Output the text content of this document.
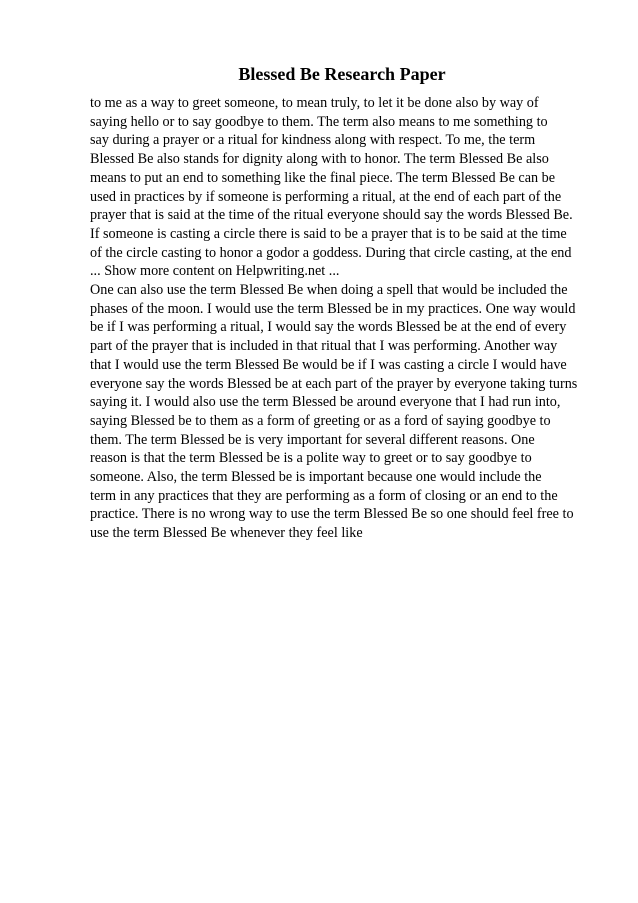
Blessed Be Research Paper
to me as a way to greet someone, to mean truly, to let it be done also by way of
saying hello or to say goodbye to them. The term also means to me something to
say during a prayer or a ritual for kindness along with respect. To me, the term
Blessed Be also stands for dignity along with to honor. The term Blessed Be also
means to put an end to something like the final piece. The term Blessed Be can be
used in practices by if someone is performing a ritual, at the end of each part of the
prayer that is said at the time of the ritual everyone should say the words Blessed Be.
If someone is casting a circle there is said to be a prayer that is to be said at the time
of the circle casting to honor a godor a goddess. During that circle casting, at the end
... Show more content on Helpwriting.net ...
One can also use the term Blessed Be when doing a spell that would be included the
phases of the moon. I would use the term Blessed be in my practices. One way would
be if I was performing a ritual, I would say the words Blessed be at the end of every
part of the prayer that is included in that ritual that I was performing. Another way
that I would use the term Blessed Be would be if I was casting a circle I would have
everyone say the words Blessed be at each part of the prayer by everyone taking turns
saying it. I would also use the term Blessed be around everyone that I had run into,
saying Blessed be to them as a form of greeting or as a ford of saying goodbye to
them. The term Blessed be is very important for several different reasons. One
reason is that the term Blessed be is a polite way to greet or to say goodbye to
someone. Also, the term Blessed be is important because one would include the
term in any practices that they are performing as a form of closing or an end to the
practice. There is no wrong way to use the term Blessed Be so one should feel free to
use the term Blessed Be whenever they feel like
